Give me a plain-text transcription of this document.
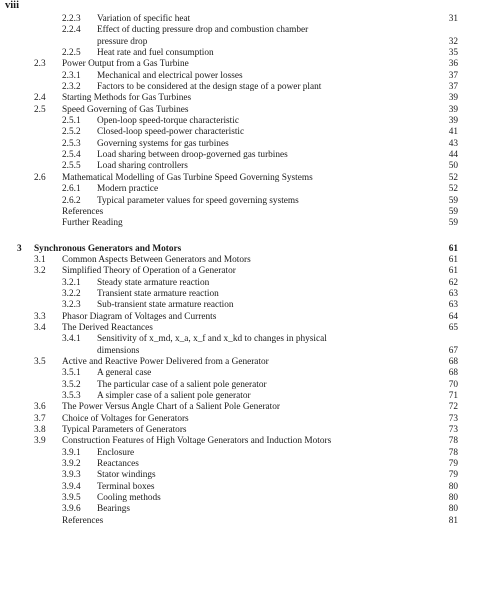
viii
2.2.3 Variation of specific heat	31
2.2.4 Effect of ducting pressure drop and combustion chamber
pressure drop	32
2.2.5 Heat rate and fuel consumption	35
2.3 Power Output from a Gas Turbine	36
2.3.1 Mechanical and electrical power losses	37
2.3.2 Factors to be considered at the design stage of a power plant	37
2.4 Starting Methods for Gas Turbines	39
2.5 Speed Governing of Gas Turbines	39
2.5.1 Open-loop speed-torque characteristic	39
2.5.2 Closed-loop speed-power characteristic	41
2.5.3 Governing systems for gas turbines	43
2.5.4 Load sharing between droop-governed gas turbines	44
2.5.5 Load sharing controllers	50
2.6 Mathematical Modelling of Gas Turbine Speed Governing Systems	52
2.6.1 Modern practice	52
2.6.2 Typical parameter values for speed governing systems	59
References	59
Further Reading	59
3 Synchronous Generators and Motors	61
3.1 Common Aspects Between Generators and Motors	61
3.2 Simplified Theory of Operation of a Generator	61
3.2.1 Steady state armature reaction	62
3.2.2 Transient state armature reaction	63
3.2.3 Sub-transient state armature reaction	63
3.3 Phasor Diagram of Voltages and Currents	64
3.4 The Derived Reactances	65
3.4.1 Sensitivity of x_md, x_a, x_f and x_kd to changes in physical
dimensions	67
3.5 Active and Reactive Power Delivered from a Generator	68
3.5.1 A general case	68
3.5.2 The particular case of a salient pole generator	70
3.5.3 A simpler case of a salient pole generator	71
3.6 The Power Versus Angle Chart of a Salient Pole Generator	72
3.7 Choice of Voltages for Generators	73
3.8 Typical Parameters of Generators	73
3.9 Construction Features of High Voltage Generators and Induction Motors	78
3.9.1 Enclosure	78
3.9.2 Reactances	79
3.9.3 Stator windings	79
3.9.4 Terminal boxes	80
3.9.5 Cooling methods	80
3.9.6 Bearings	80
References	81
